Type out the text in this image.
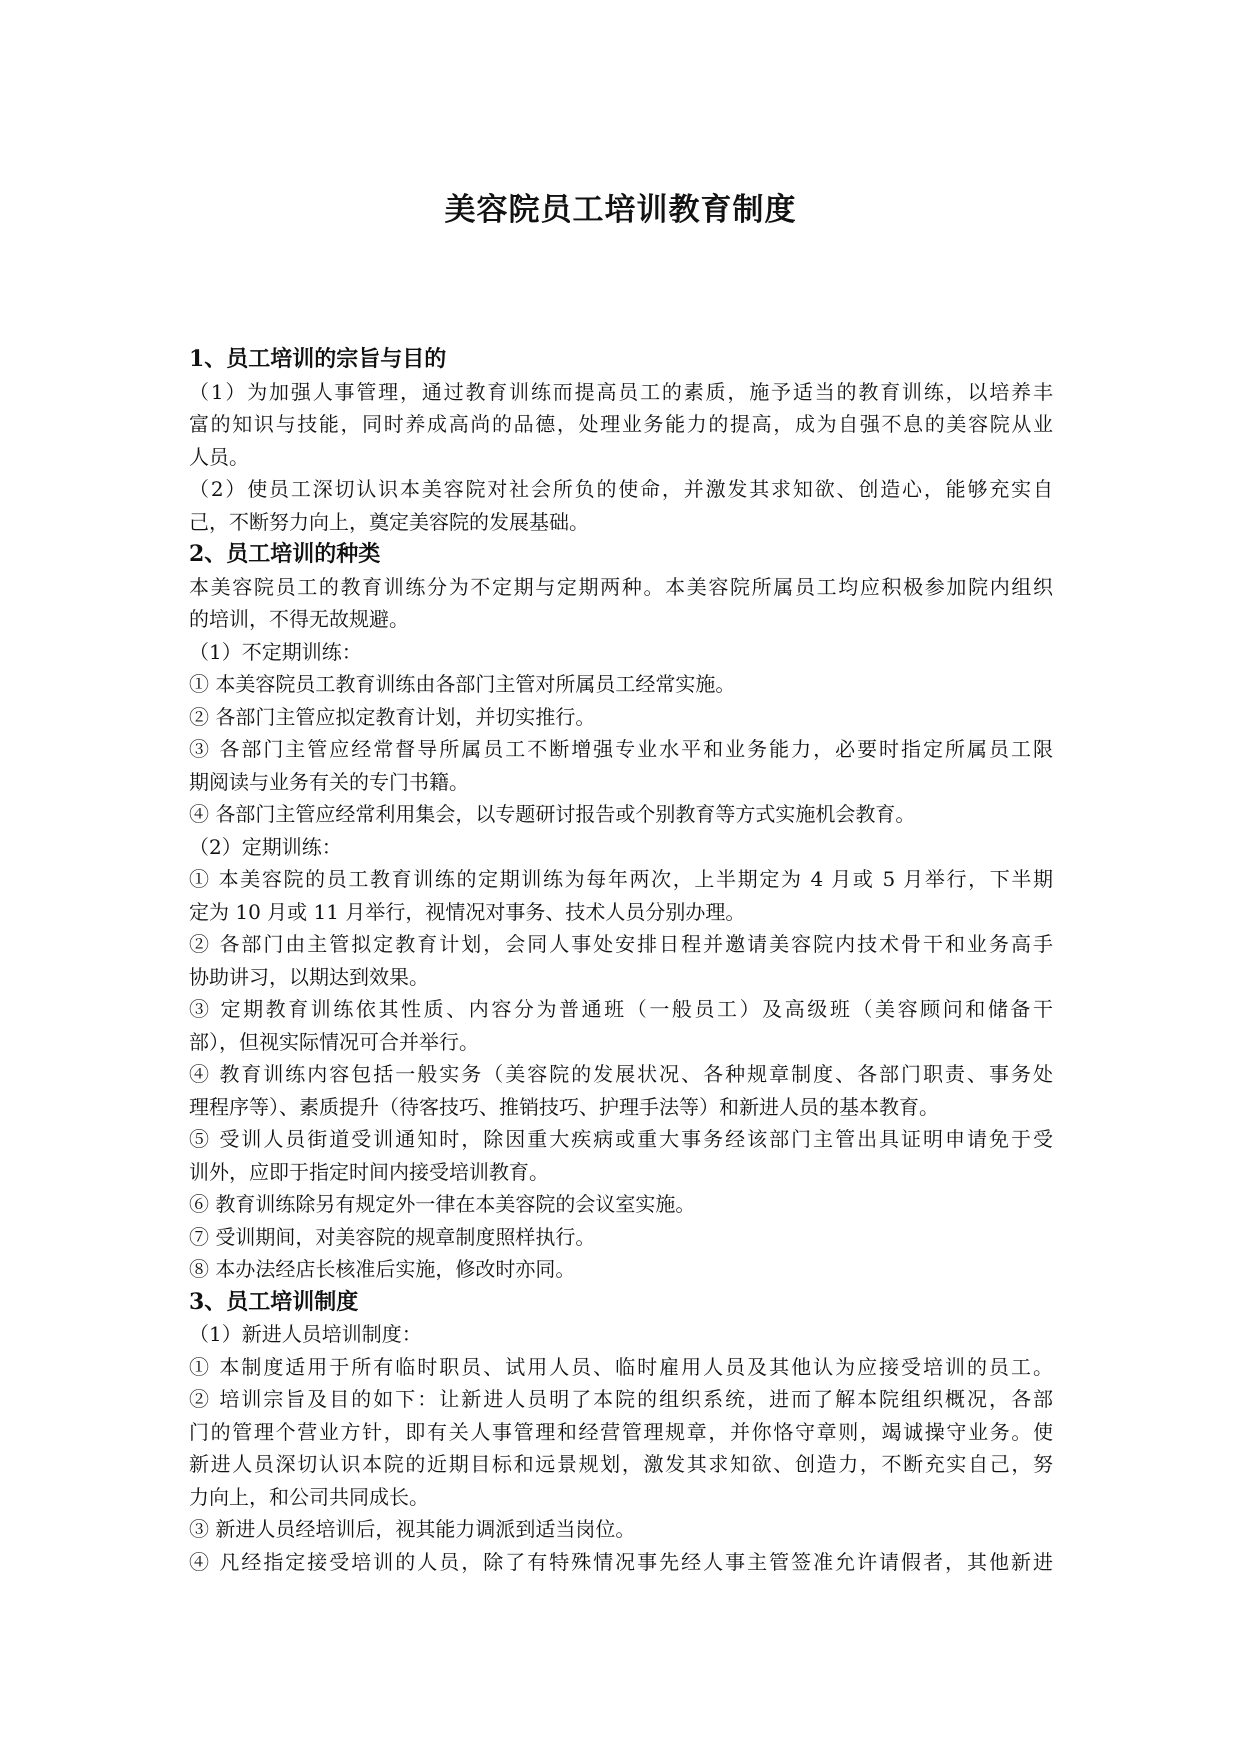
美容院员工培训教育制度
1、员工培训的宗旨与目的
（1）为加强人事管理，通过教育训练而提高员工的素质，施予适当的教育训练，以培养丰
富的知识与技能，同时养成高尚的品德，处理业务能力的提高，成为自强不息的美容院从业
人员。
（2）使员工深切认识本美容院对社会所负的使命，并激发其求知欲、创造心，能够充实自
己，不断努力向上，奠定美容院的发展基础。
2、员工培训的种类
本美容院员工的教育训练分为不定期与定期两种。本美容院所属员工均应积极参加院内组织
的培训，不得无故规避。
（1）不定期训练：
① 本美容院员工教育训练由各部门主管对所属员工经常实施。
② 各部门主管应拟定教育计划，并切实推行。
③ 各部门主管应经常督导所属员工不断增强专业水平和业务能力，必要时指定所属员工限
期阅读与业务有关的专门书籍。
④ 各部门主管应经常利用集会，以专题研讨报告或个别教育等方式实施机会教育。
（2）定期训练：
① 本美容院的员工教育训练的定期训练为每年两次，上半期定为 4 月或 5 月举行，下半期
定为 10 月或 11 月举行，视情况对事务、技术人员分别办理。
② 各部门由主管拟定教育计划，会同人事处安排日程并邀请美容院内技术骨干和业务高手
协助讲习，以期达到效果。
③ 定期教育训练依其性质、内容分为普通班（一般员工）及高级班（美容顾问和储备干
部），但视实际情况可合并举行。
④ 教育训练内容包括一般实务（美容院的发展状况、各种规章制度、各部门职责、事务处
理程序等）、素质提升（待客技巧、推销技巧、护理手法等）和新进人员的基本教育。
⑤ 受训人员街道受训通知时，除因重大疾病或重大事务经该部门主管出具证明申请免于受
训外，应即于指定时间内接受培训教育。
⑥ 教育训练除另有规定外一律在本美容院的会议室实施。
⑦ 受训期间，对美容院的规章制度照样执行。
⑧ 本办法经店长核准后实施，修改时亦同。
3、员工培训制度
（1）新进人员培训制度：
① 本制度适用于所有临时职员、试用人员、临时雇用人员及其他认为应接受培训的员工。
② 培训宗旨及目的如下：让新进人员明了本院的组织系统，进而了解本院组织概况，各部
门的管理个营业方针，即有关人事管理和经营管理规章，并你恪守章则，竭诚操守业务。使
新进人员深切认识本院的近期目标和远景规划，激发其求知欲、创造力，不断充实自己，努
力向上，和公司共同成长。
③ 新进人员经培训后，视其能力调派到适当岗位。
④ 凡经指定接受培训的人员，除了有特殊情况事先经人事主管签准允许请假者，其他新进
